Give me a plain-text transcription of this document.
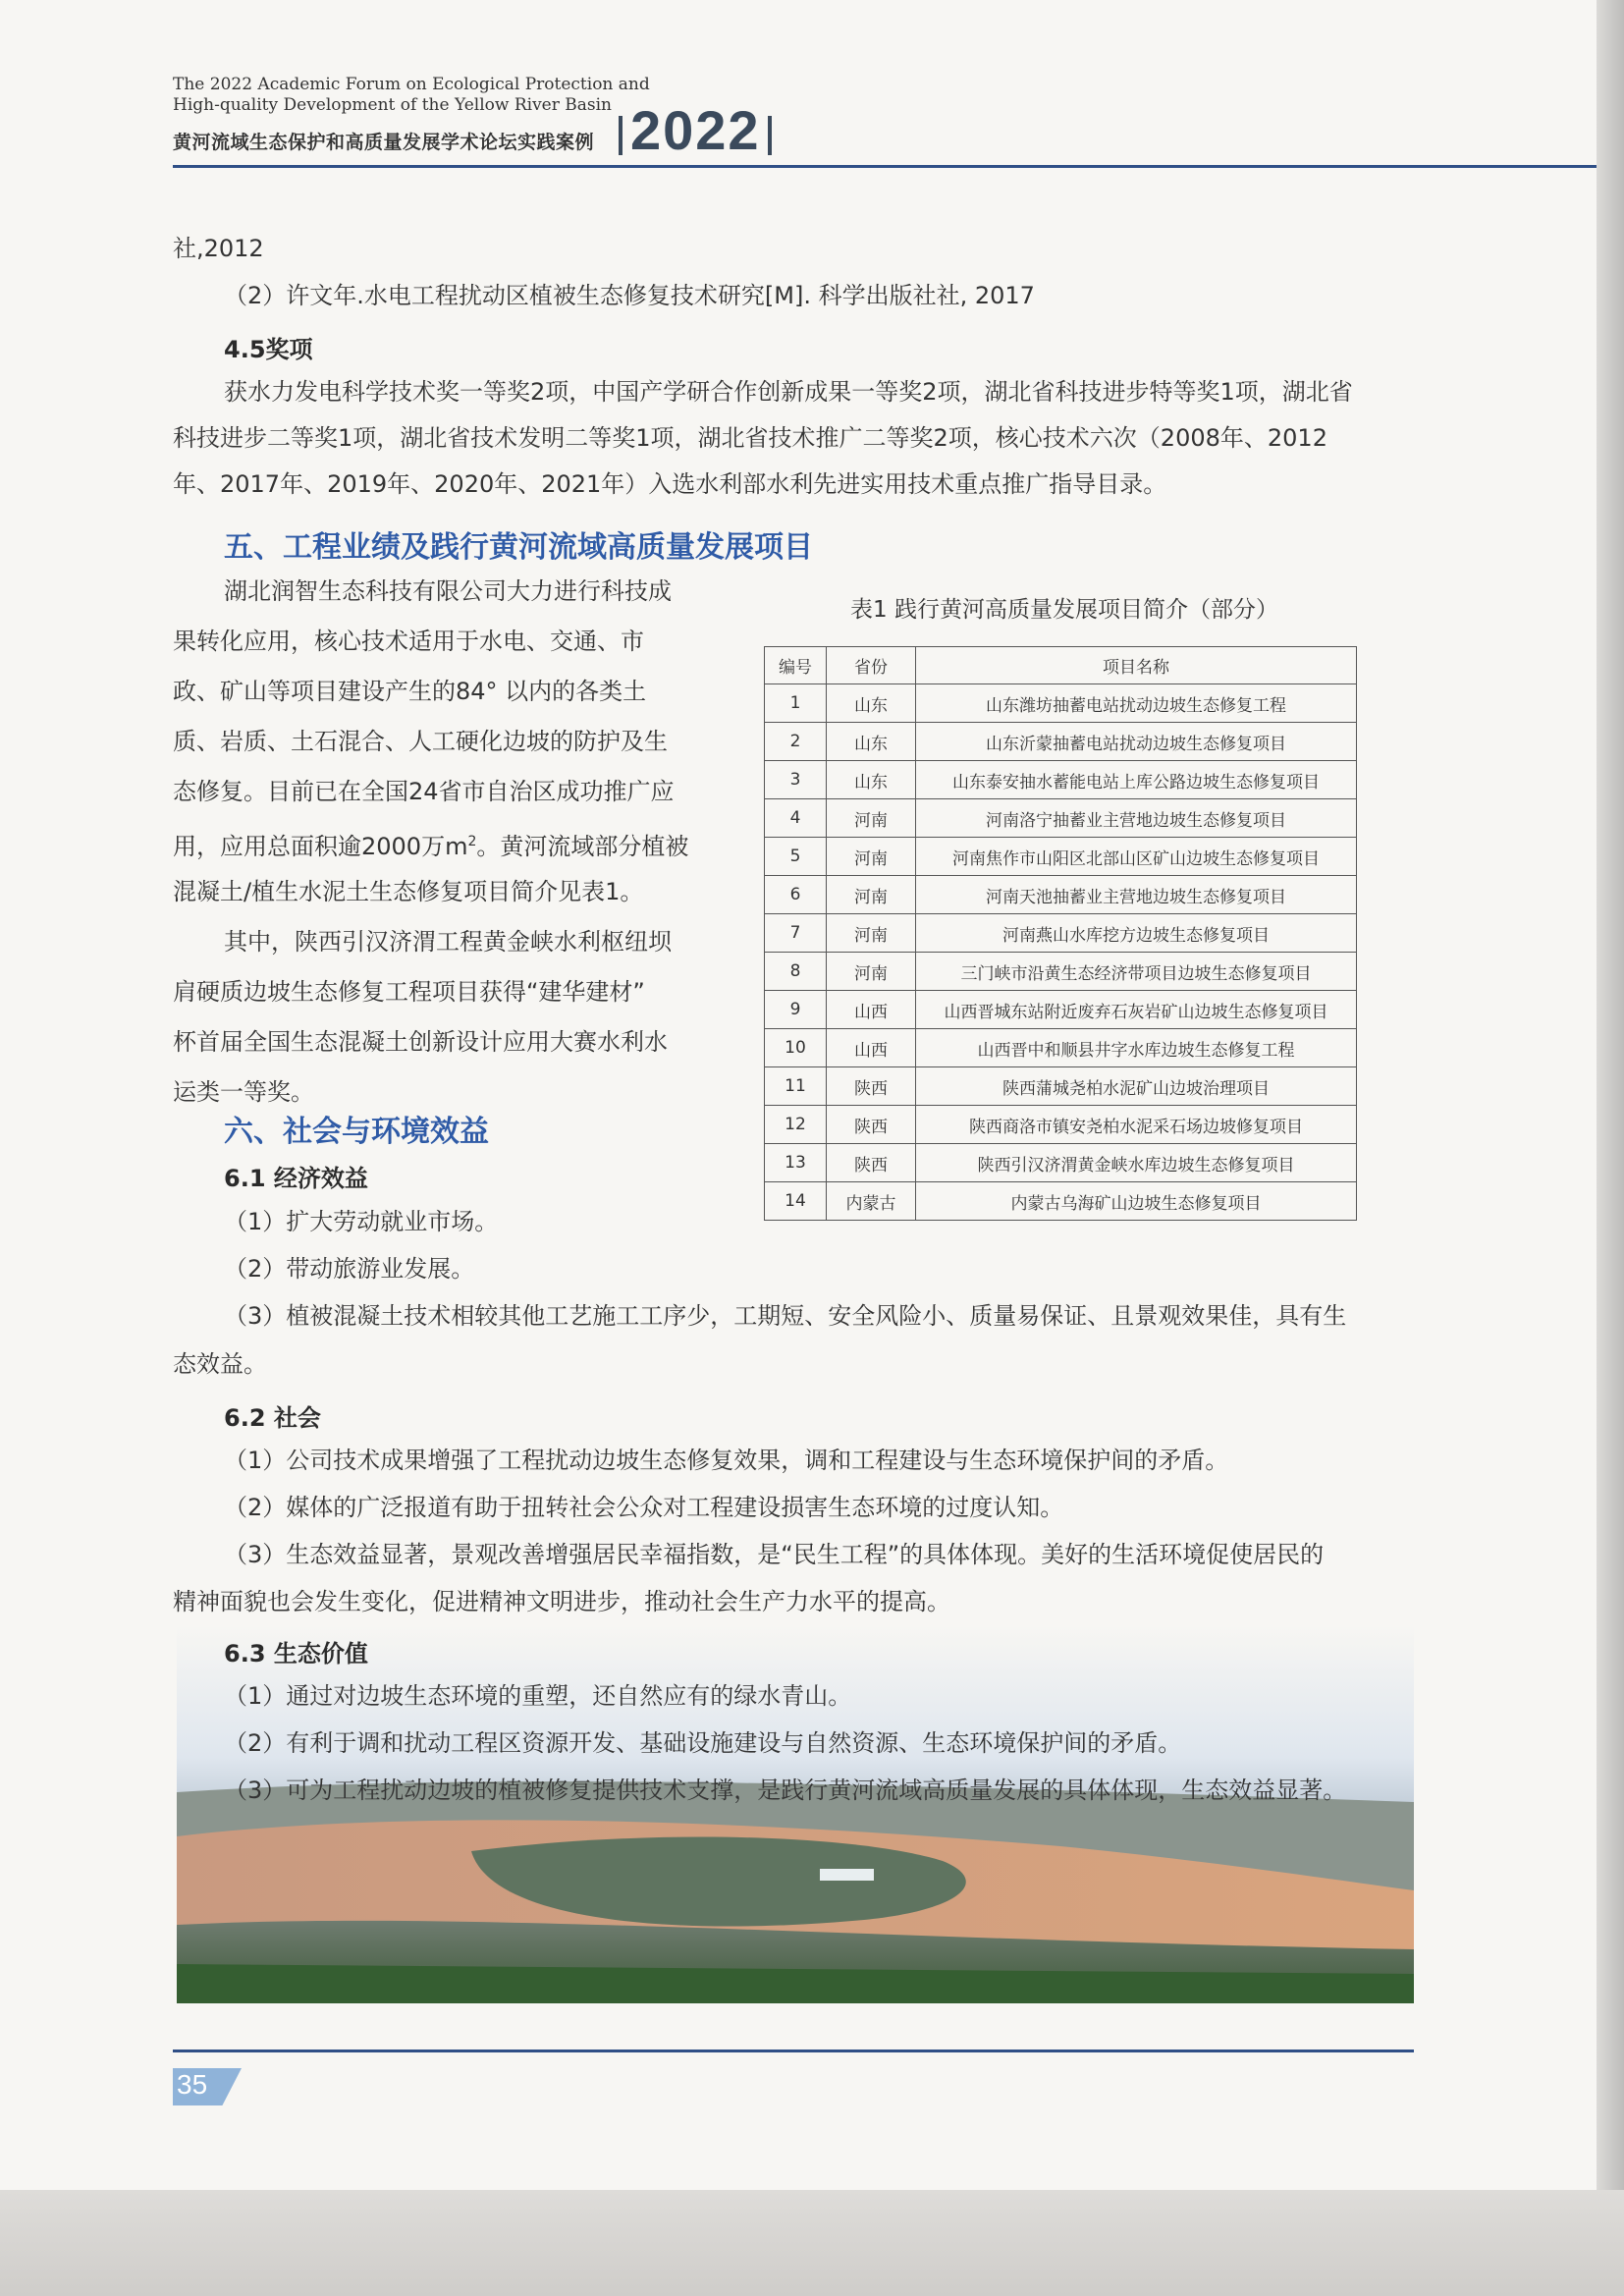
The 2022 Academic Forum on Ecological Protection and
High-quality Development of the Yellow River Basin
黄河流域生态保护和高质量发展学术论坛实践案例 2022
社,2012
（2）许文年.水电工程扰动区植被生态修复技术研究[M]. 科学出版社社, 2017
4.5奖项
获水力发电科学技术奖一等奖2项，中国产学研合作创新成果一等奖2项，湖北省科技进步特等奖1项，湖北省
科技进步二等奖1项，湖北省技术发明二等奖1项，湖北省技术推广二等奖2项，核心技术六次（2008年、2012
年、2017年、2019年、2020年、2021年）入选水利部水利先进实用技术重点推广指导目录。
五、工程业绩及践行黄河流域高质量发展项目
湖北润智生态科技有限公司大力进行科技成
果转化应用，核心技术适用于水电、交通、市
政、矿山等项目建设产生的84° 以内的各类土
质、岩质、土石混合、人工硬化边坡的防护及生
态修复。目前已在全国24省市自治区成功推广应
用，应用总面积逾2000万$m^2$。黄河流域部分植被
混凝土/植生水泥土生态修复项目简介见表1。
其中，陕西引汉济渭工程黄金峡水利枢纽坝
肩硬质边坡生态修复工程项目获得“建华建材”
杯首届全国生态混凝土创新设计应用大赛水利水
运类一等奖。
表1 践行黄河高质量发展项目简介（部分）
编号	省份	项目名称
1	山东	山东潍坊抽蓄电站扰动边坡生态修复工程
2	山东	山东沂蒙抽蓄电站扰动边坡生态修复项目
3	山东	山东泰安抽水蓄能电站上库公路边坡生态修复项目
4	河南	河南洛宁抽蓄业主营地边坡生态修复项目
5	河南	河南焦作市山阳区北部山区矿山边坡生态修复项目
6	河南	河南天池抽蓄业主营地边坡生态修复项目
7	河南	河南燕山水库挖方边坡生态修复项目
8	河南	三门峡市沿黄生态经济带项目边坡生态修复项目
9	山西	山西晋城东站附近废弃石灰岩矿山边坡生态修复项目
10	山西	山西晋中和顺县井字水库边坡生态修复工程
11	陕西	陕西蒲城尧柏水泥矿山边坡治理项目
12	陕西	陕西商洛市镇安尧柏水泥采石场边坡修复项目
13	陕西	陕西引汉济渭黄金峡水库边坡生态修复项目
14	内蒙古	内蒙古乌海矿山边坡生态修复项目
六、社会与环境效益
6.1 经济效益
（1）扩大劳动就业市场。
（2）带动旅游业发展。
（3）植被混凝土技术相较其他工艺施工工序少，工期短、安全风险小、质量易保证、且景观效果佳，具有生
态效益。
6.2 社会
（1）公司技术成果增强了工程扰动边坡生态修复效果，调和工程建设与生态环境保护间的矛盾。
（2）媒体的广泛报道有助于扭转社会公众对工程建设损害生态环境的过度认知。
（3）生态效益显著，景观改善增强居民幸福指数，是“民生工程”的具体体现。美好的生活环境促使居民的
精神面貌也会发生变化，促进精神文明进步，推动社会生产力水平的提高。
6.3 生态价值
（1）通过对边坡生态环境的重塑，还自然应有的绿水青山。
（2）有利于调和扰动工程区资源开发、基础设施建设与自然资源、生态环境保护间的矛盾。
（3）可为工程扰动边坡的植被修复提供技术支撑，是践行黄河流域高质量发展的具体体现，生态效益显著。
35
